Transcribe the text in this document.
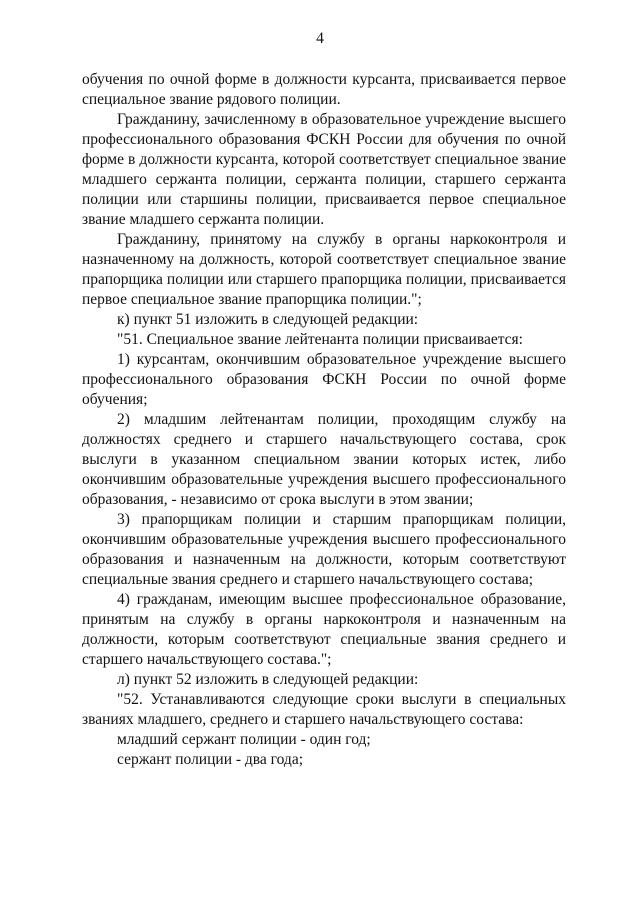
4

обучения по очной форме в должности курсанта, присваивается первое специальное звание рядового полиции.

Гражданину, зачисленному в образовательное учреждение высшего профессионального образования ФСКН России для обучения по очной форме в должности курсанта, которой соответствует специальное звание младшего сержанта полиции, сержанта полиции, старшего сержанта полиции или старшины полиции, присваивается первое специальное звание младшего сержанта полиции.

Гражданину, принятому на службу в органы наркоконтроля и назначенному на должность, которой соответствует специальное звание прапорщика полиции или старшего прапорщика полиции, присваивается первое специальное звание прапорщика полиции.";

к) пункт 51 изложить в следующей редакции:

"51. Специальное звание лейтенанта полиции присваивается:

1) курсантам, окончившим образовательное учреждение высшего профессионального образования ФСКН России по очной форме обучения;

2) младшим лейтенантам полиции, проходящим службу на должностях среднего и старшего начальствующего состава, срок выслуги в указанном специальном звании которых истек, либо окончившим образовательные учреждения высшего профессионального образования, - независимо от срока выслуги в этом звании;

3) прапорщикам полиции и старшим прапорщикам полиции, окончившим образовательные учреждения высшего профессионального образования и назначенным на должности, которым соответствуют специальные звания среднего и старшего начальствующего состава;

4) гражданам, имеющим высшее профессиональное образование, принятым на службу в органы наркоконтроля и назначенным на должности, которым соответствуют специальные звания среднего и старшего начальствующего состава.";

л) пункт 52 изложить в следующей редакции:

"52. Устанавливаются следующие сроки выслуги в специальных званиях младшего, среднего и старшего начальствующего состава:

младший сержант полиции - один год;

сержант полиции - два года;
